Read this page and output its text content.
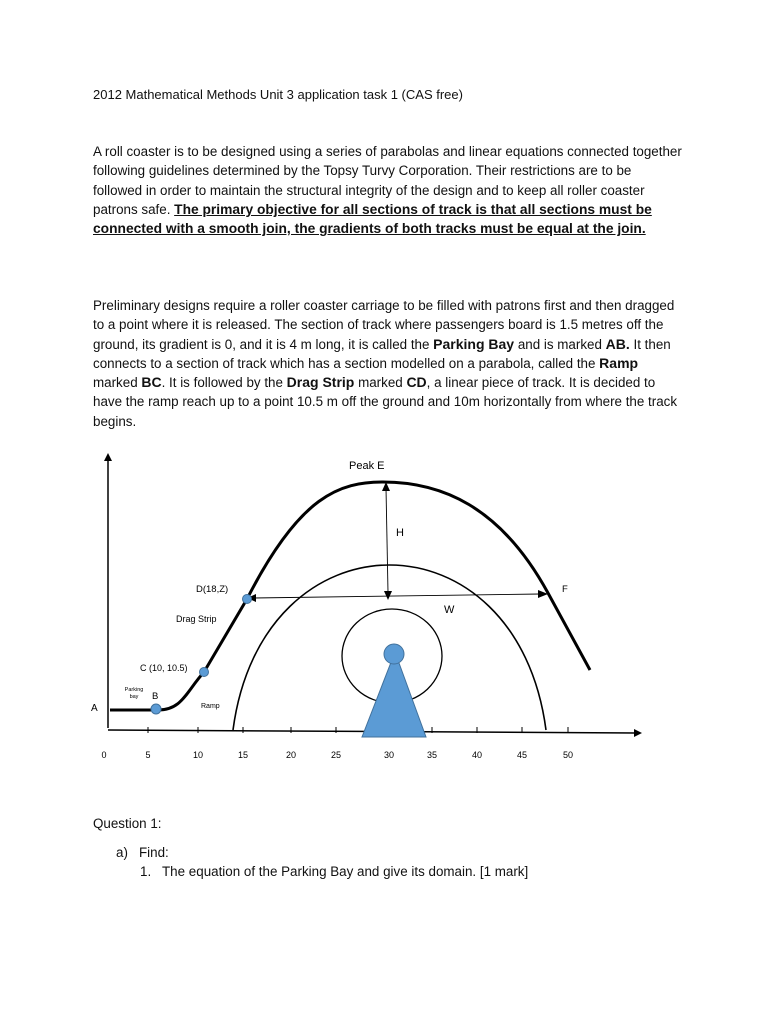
2012 Mathematical Methods Unit 3 application task 1 (CAS free)
A roll coaster is to be designed using a series of parabolas and linear equations connected together following guidelines determined by the Topsy Turvy Corporation. Their restrictions are to be followed in order to maintain the structural integrity of the design and to keep all roller coaster patrons safe. The primary objective for all sections of track is that all sections must be connected with a smooth join, the gradients of both tracks must be equal at the join.
Preliminary designs require a roller coaster carriage to be filled with patrons first and then dragged to a point where it is released. The section of track where passengers board is 1.5 metres off the ground, its gradient is 0, and it is 4 m long, it is called the Parking Bay and is marked AB. It then connects to a section of track which has a section modelled on a parabola, called the Ramp marked BC. It is followed by the Drag Strip marked CD, a linear piece of track. It is decided to have the ramp reach up to a point 10.5 m off the ground and 10m horizontally from where the track begins.
0	5	10	15	20	25	30	35	40	45	50
Peak E
H
D(18,Z)	F
W
Drag Strip
C (10, 10.5)
Parking
bay B
A	Ramp
Question 1:
a) Find:
1. The equation of the Parking Bay and give its domain. [1 mark]
